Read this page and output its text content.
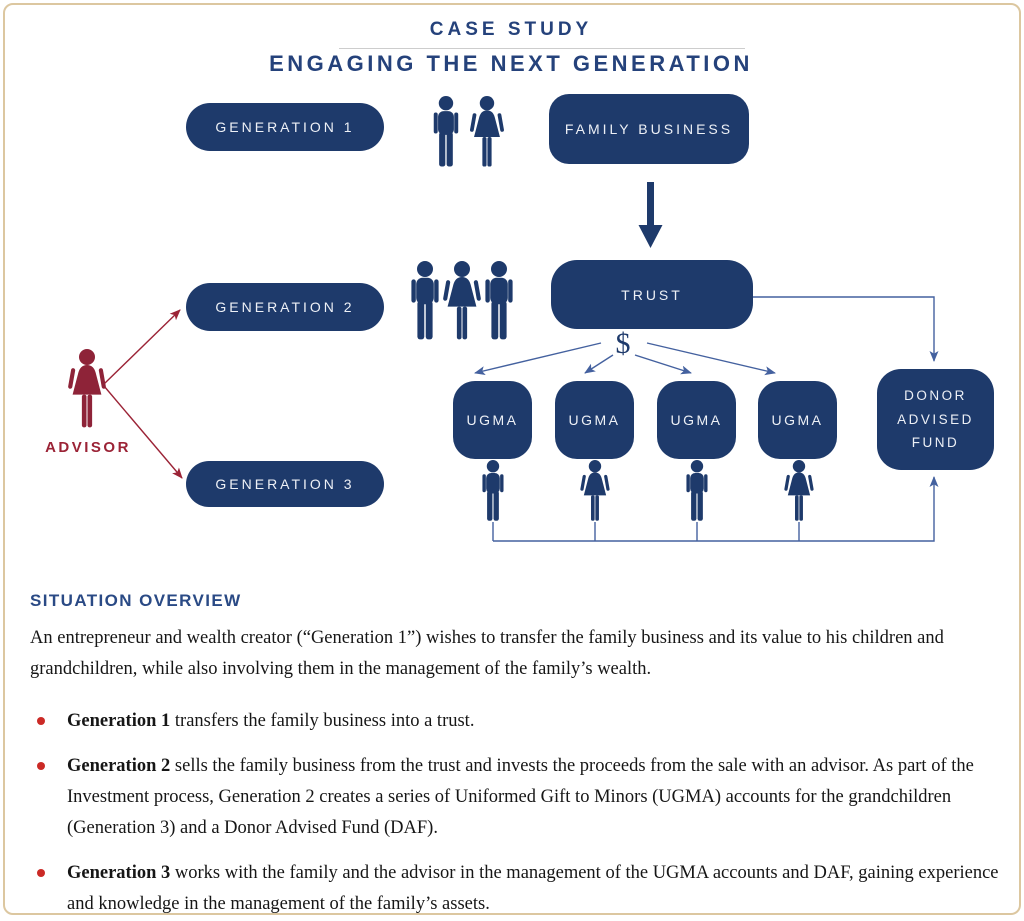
CASE STUDY
ENGAGING THE NEXT GENERATION
GENERATION 1	FAMILY BUSINESS
GENERATION 2
TRUST
$
UGMA	UGMA	UGMA	UGMA
DONOR
ADVISED
FUND
GENERATION 3
ADVISOR
SITUATION OVERVIEW
An entrepreneur and wealth creator (“Generation 1”) wishes to transfer the family business and its value to his children and grandchildren, while also involving them in the management of the family’s wealth.
Generation 1 transfers the family business into a trust.
Generation 2 sells the family business from the trust and invests the proceeds from the sale with an advisor. As part of the Investment process, Generation 2 creates a series of Uniformed Gift to Minors (UGMA) accounts for the grandchildren (Generation 3) and a Donor Advised Fund (DAF).
Generation 3 works with the family and the advisor in the management of the UGMA accounts and DAF, gaining experience and knowledge in the management of the family’s assets.
